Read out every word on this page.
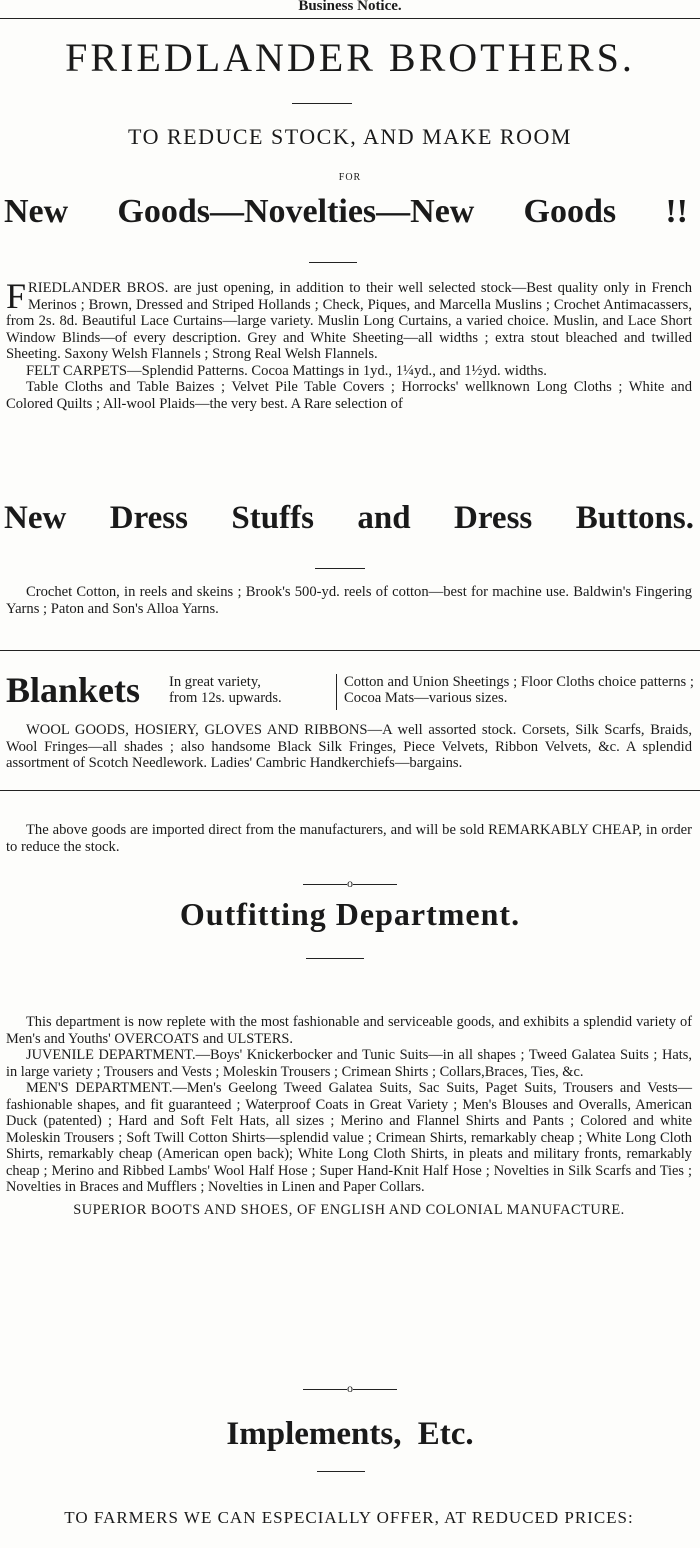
Business Notice.
FRIEDLANDER BROTHERS.
TO REDUCE STOCK, AND MAKE ROOM
FOR
New Goods—Novelties—New Goods !!

FRIEDLANDER BROS. are just opening, in addition to their well selected stock—Best quality only in French Merinos ; Brown, Dressed and Striped Hollands ; Check, Piques, and Marcella Muslins ; Crochet Antimacassers, from 2s. 8d. Beautiful Lace Curtains—large variety. Muslin Long Curtains, a varied choice. Muslin, and Lace Short Window Blinds—of every description. Grey and White Sheeting—all widths ; extra stout bleached and twilled Sheeting. Saxony Welsh Flannels ; Strong Real Welsh Flannels.

FELT CARPETS—Splendid Patterns. Cocoa Mattings in 1yd., 1¼yd., and 1½yd. widths.

Table Cloths and Table Baizes ; Velvet Pile Table Covers ; Horrocks' wellknown Long Cloths ; White and Colored Quilts ; All-wool Plaids—the very best. A Rare selection of

New Dress Stuffs and Dress Buttons.

Crochet Cotton, in reels and skeins ; Brook's 500-yd. reels of cotton—best for machine use. Baldwin's Fingering Yarns ; Paton and Son's Alloa Yarns.

Blankets In great variety,
from 12s. upwards.
Cotton and Union Sheetings ; Floor Cloths choice patterns ; Cocoa Mats—various sizes.

WOOL GOODS, HOSIERY, GLOVES AND RIBBONS—A well assorted stock. Corsets, Silk Scarfs, Braids, Wool Fringes—all shades ; also handsome Black Silk Fringes, Piece Velvets, Ribbon Velvets, &c. A splendid assortment of Scotch Needlework. Ladies' Cambric Handkerchiefs—bargains.

The above goods are imported direct from the manufacturers, and will be sold REMARKABLY CHEAP, in order to reduce the stock.

o
Outfitting Department.

This department is now replete with the most fashionable and serviceable goods, and exhibits a splendid variety of Men's and Youths' OVERCOATS and ULSTERS.

JUVENILE DEPARTMENT.—Boys' Knickerbocker and Tunic Suits—in all shapes ; Tweed Galatea Suits ; Hats, in large variety ; Trousers and Vests ; Moleskin Trousers ; Crimean Shirts ; Collars,Braces, Ties, &c.

MEN'S DEPARTMENT.—Men's Geelong Tweed Galatea Suits, Sac Suits, Paget Suits, Trousers and Vests—fashionable shapes, and fit guaranteed ; Waterproof Coats in Great Variety ; Men's Blouses and Overalls, American Duck (patented) ; Hard and Soft Felt Hats, all sizes ; Merino and Flannel Shirts and Pants ; Colored and white Moleskin Trousers ; Soft Twill Cotton Shirts—splendid value ; Crimean Shirts, remarkably cheap ; White Long Cloth Shirts, remarkably cheap (American open back); White Long Cloth Shirts, in pleats and military fronts, remarkably cheap ; Merino and Ribbed Lambs' Wool Half Hose ; Super Hand-Knit Half Hose ; Novelties in Silk Scarfs and Ties ; Novelties in Braces and Mufflers ; Novelties in Linen and Paper Collars.

SUPERIOR BOOTS AND SHOES, OF ENGLISH AND COLONIAL MANUFACTURE.

o
Implements, Etc.
TO FARMERS WE CAN ESPECIALLY OFFER, AT REDUCED PRICES:
